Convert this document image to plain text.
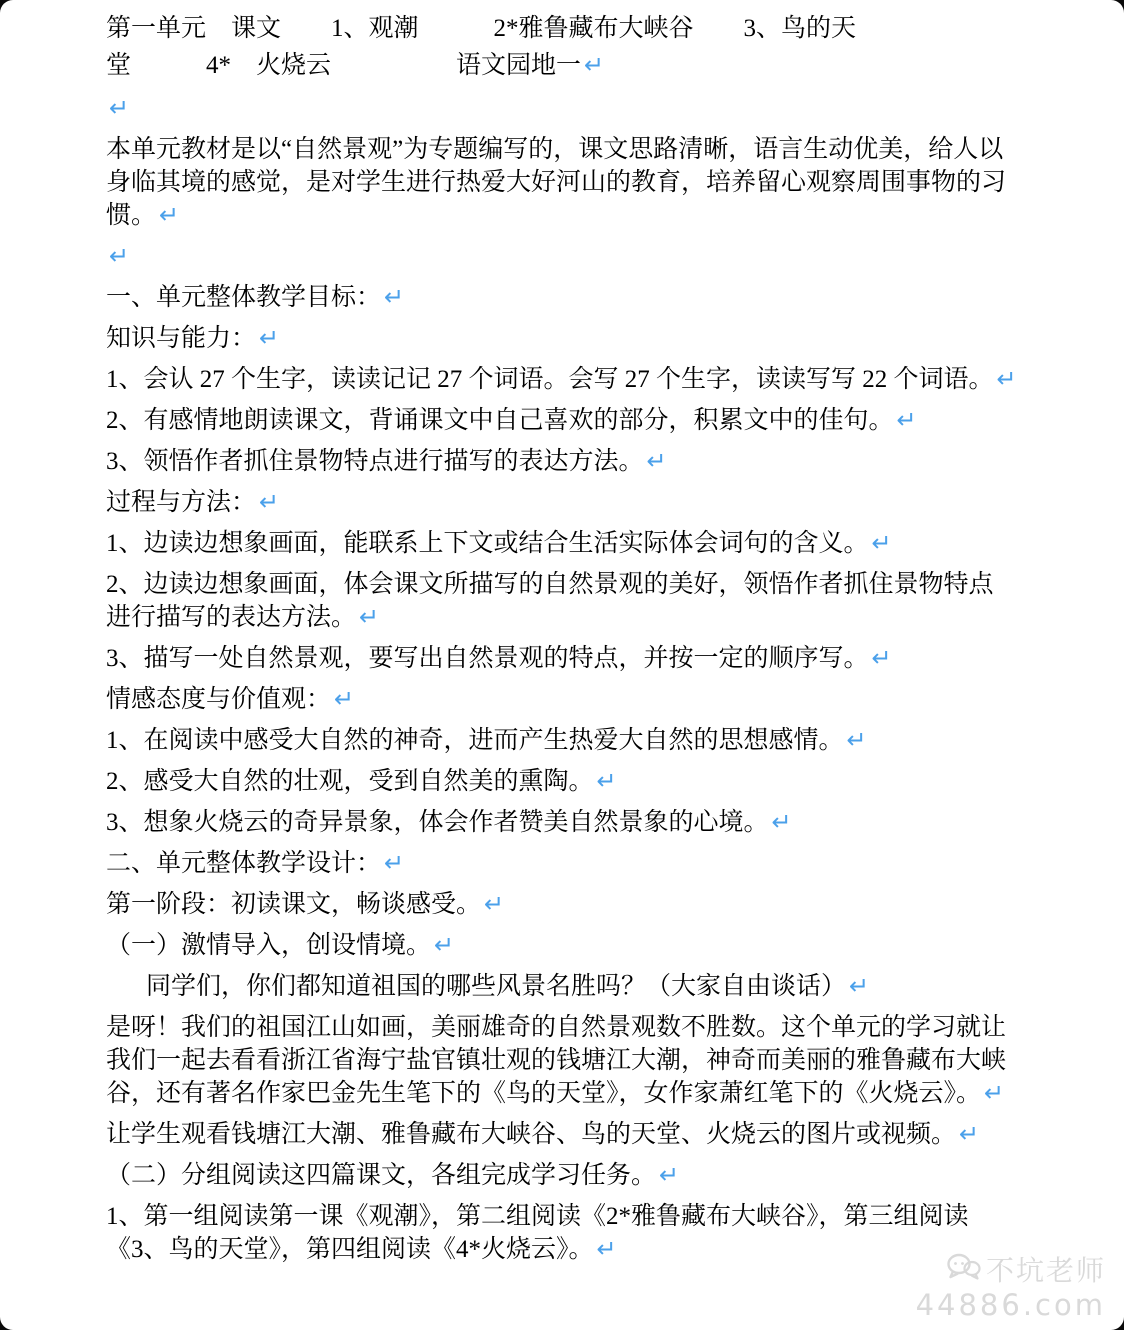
第一单元　课文　　1、观潮　　　2*雅鲁藏布大峡谷　　3、鸟的天
堂　　　4*　火烧云　　　　　语文园地一 ↵

↵

本单元教材是以“自然景观”为专题编写的，课文思路清晰，语言生动优美，给人以身临其境的感觉，是对学生进行热爱大好河山的教育，培养留心观察周围事物的习惯。 ↵

↵

一、单元整体教学目标： ↵

知识与能力： ↵

1、会认 27 个生字，读读记记 27 个词语。会写 27 个生字，读读写写 22 个词语。 ↵

2、有感情地朗读课文，背诵课文中自己喜欢的部分，积累文中的佳句。 ↵

3、领悟作者抓住景物特点进行描写的表达方法。 ↵

过程与方法： ↵

1、边读边想象画面，能联系上下文或结合生活实际体会词句的含义。 ↵

2、边读边想象画面，体会课文所描写的自然景观的美好，领悟作者抓住景物特点进行描写的表达方法。 ↵

3、描写一处自然景观，要写出自然景观的特点，并按一定的顺序写。 ↵

情感态度与价值观： ↵

1、在阅读中感受大自然的神奇，进而产生热爱大自然的思想感情。 ↵

2、感受大自然的壮观，受到自然美的熏陶。 ↵

3、想象火烧云的奇异景象，体会作者赞美自然景象的心境。 ↵

二、单元整体教学设计： ↵

第一阶段：初读课文，畅谈感受。 ↵

（一）激情导入，创设情境。 ↵

同学们，你们都知道祖国的哪些风景名胜吗？（大家自由谈话） ↵

是呀！我们的祖国江山如画，美丽雄奇的自然景观数不胜数。这个单元的学习就让我们一起去看看浙江省海宁盐官镇壮观的钱塘江大潮，神奇而美丽的雅鲁藏布大峡谷，还有著名作家巴金先生笔下的《鸟的天堂》，女作家萧红笔下的《火烧云》。 ↵

让学生观看钱塘江大潮、雅鲁藏布大峡谷、鸟的天堂、火烧云的图片或视频。 ↵

（二）分组阅读这四篇课文，各组完成学习任务。 ↵

1、第一组阅读第一课《观潮》，第二组阅读《2*雅鲁藏布大峡谷》，第三组阅读《3、鸟的天堂》，第四组阅读《4*火烧云》。 ↵

不坑老师
44886.com
